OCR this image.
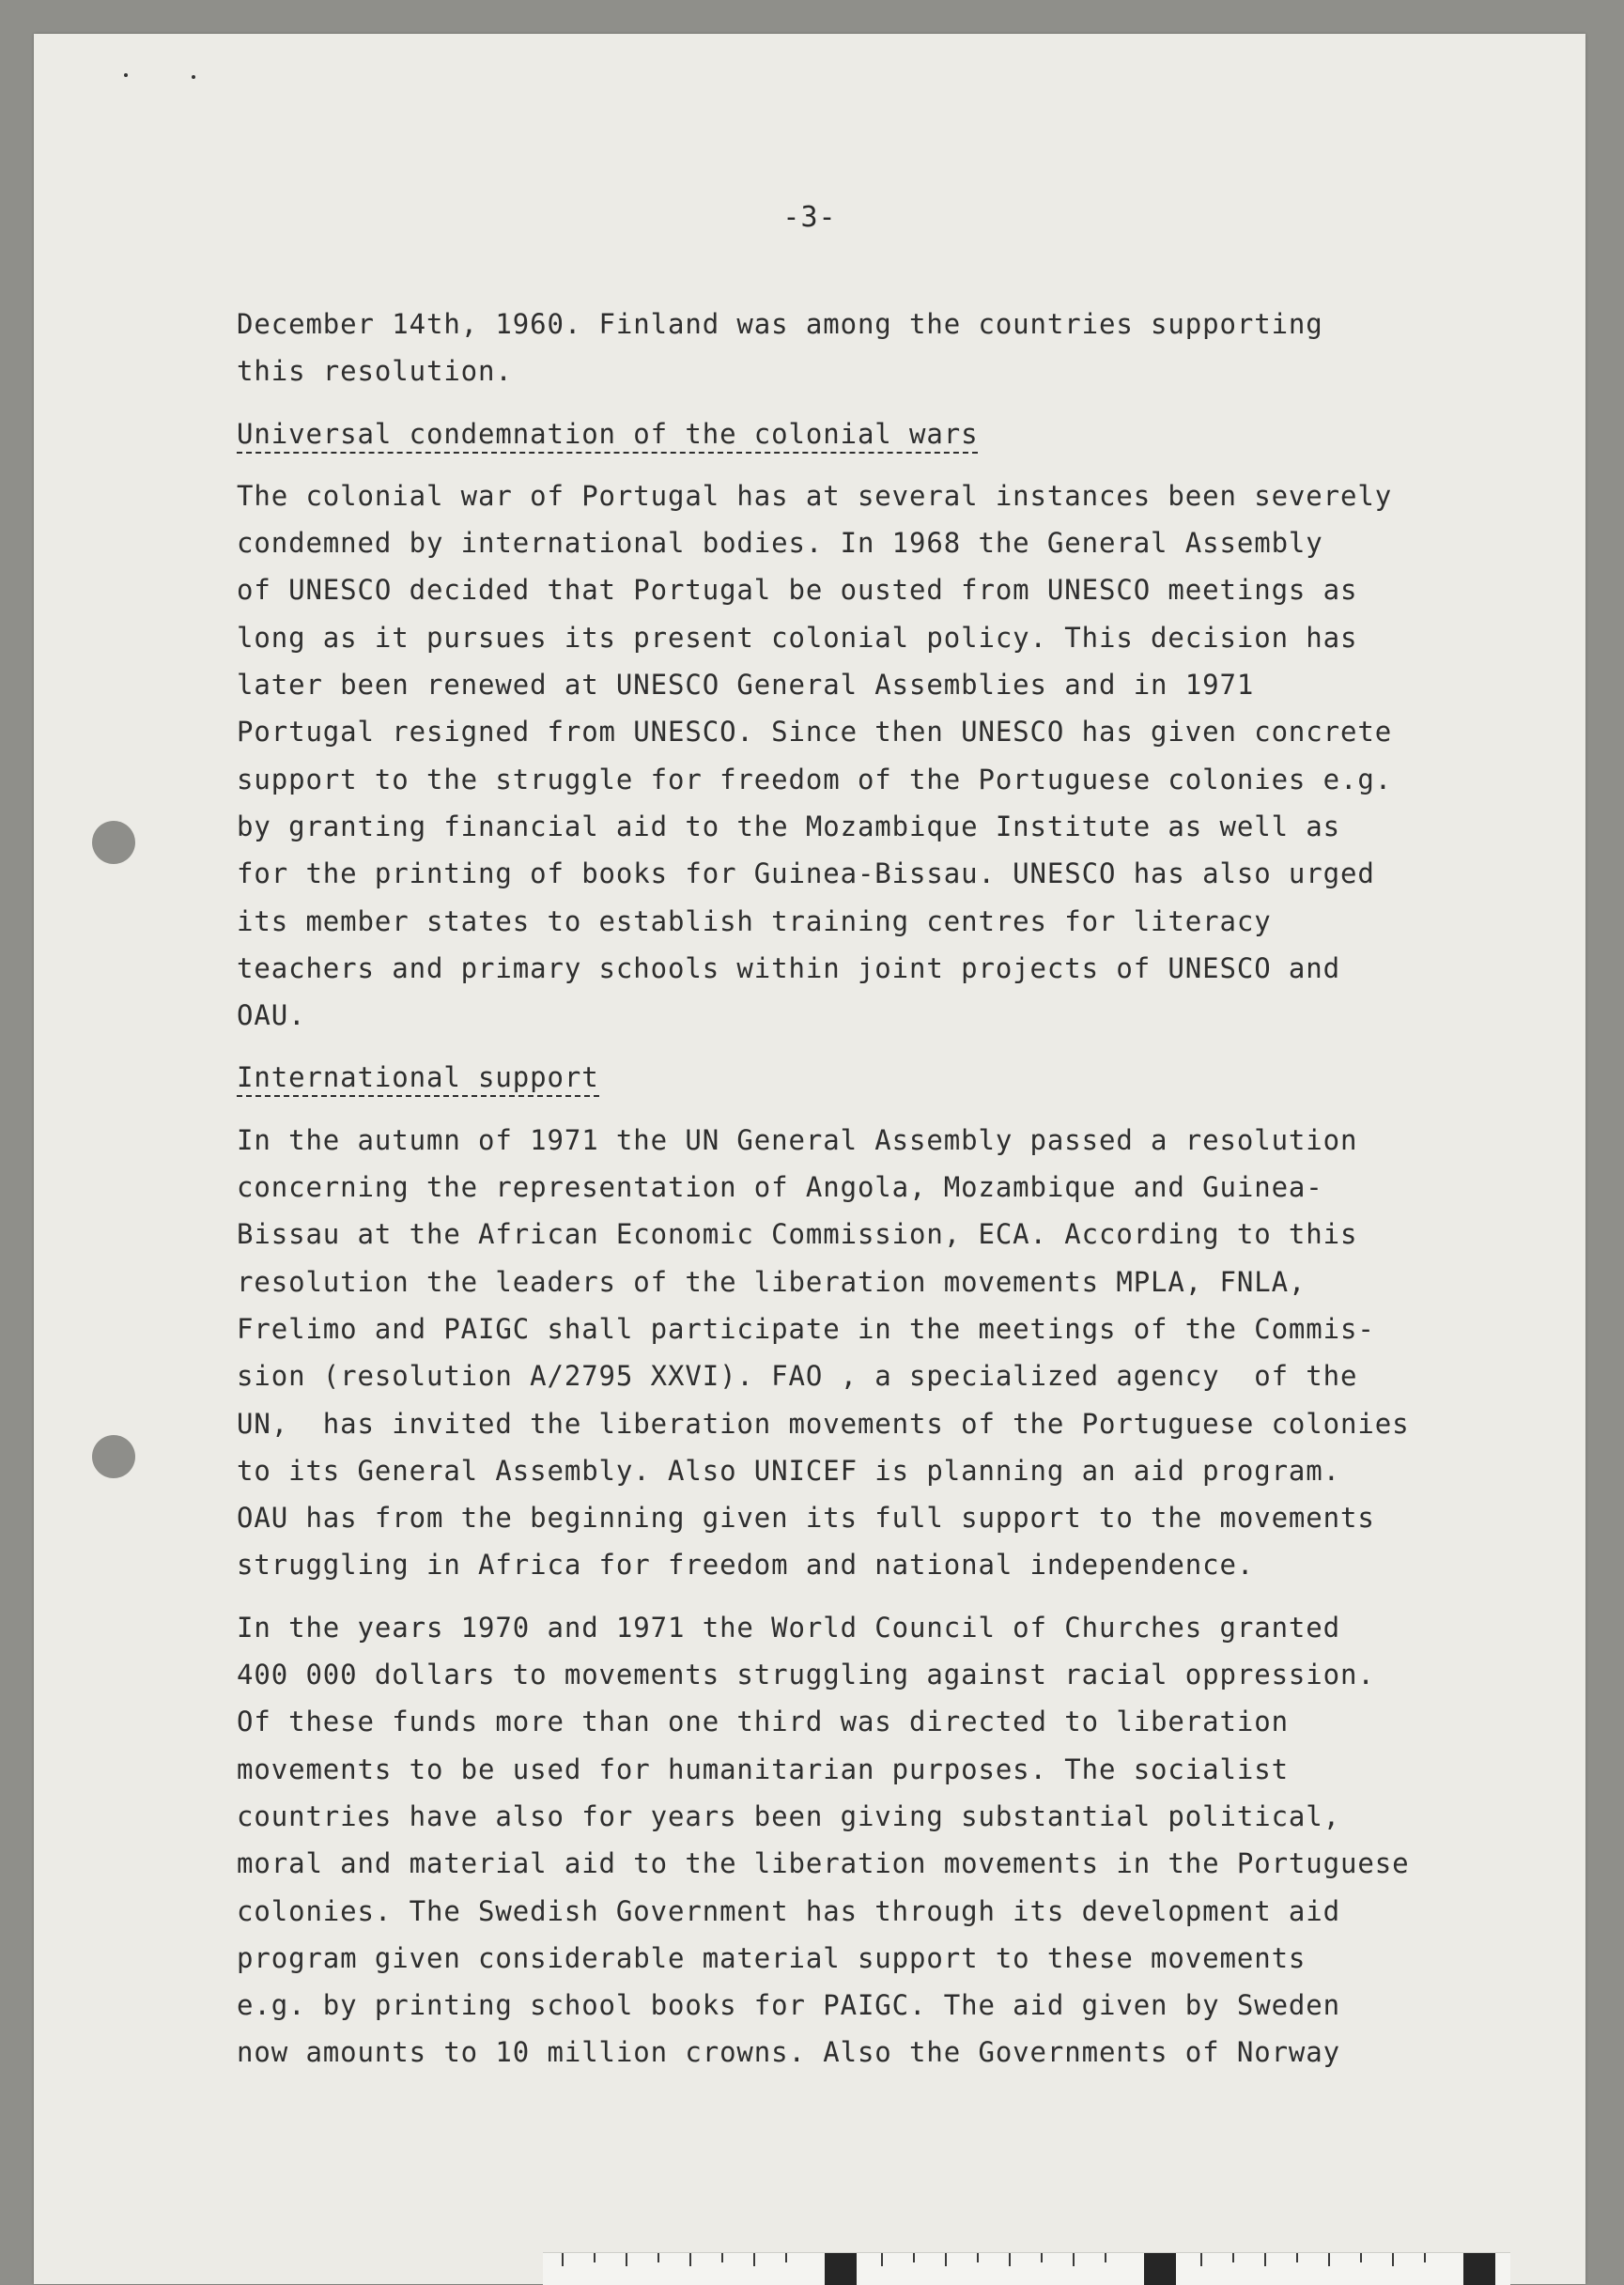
-3-
December 14th, 1960. Finland was among the countries supporting
this resolution.
Universal condemnation of the colonial wars
The colonial war of Portugal has at several instances been severely
condemned by international bodies. In 1968 the General Assembly
of UNESCO decided that Portugal be ousted from UNESCO meetings as
long as it pursues its present colonial policy. This decision has
later been renewed at UNESCO General Assemblies and in 1971
Portugal resigned from UNESCO. Since then UNESCO has given concrete
support to the struggle for freedom of the Portuguese colonies e.g.
by granting financial aid to the Mozambique Institute as well as
for the printing of books for Guinea-Bissau. UNESCO has also urged
its member states to establish training centres for literacy
teachers and primary schools within joint projects of UNESCO and
OAU.
International support
In the autumn of 1971 the UN General Assembly passed a resolution
concerning the representation of Angola, Mozambique and Guinea-
Bissau at the African Economic Commission, ECA. According to this
resolution the leaders of the liberation movements MPLA, FNLA,
Frelimo and PAIGC shall participate in the meetings of the Commis-
sion (resolution A/2795 XXVI). FAO , a specialized agency  of the
UN,  has invited the liberation movements of the Portuguese colonies
to its General Assembly. Also UNICEF is planning an aid program.
OAU has from the beginning given its full support to the movements
struggling in Africa for freedom and national independence.
In the years 1970 and 1971 the World Council of Churches granted
400 000 dollars to movements struggling against racial oppression.
Of these funds more than one third was directed to liberation
movements to be used for humanitarian purposes. The socialist
countries have also for years been giving substantial political,
moral and material aid to the liberation movements in the Portuguese
colonies. The Swedish Government has through its development aid
program given considerable material support to these movements
e.g. by printing school books for PAIGC. The aid given by Sweden
now amounts to 10 million crowns. Also the Governments of Norway
